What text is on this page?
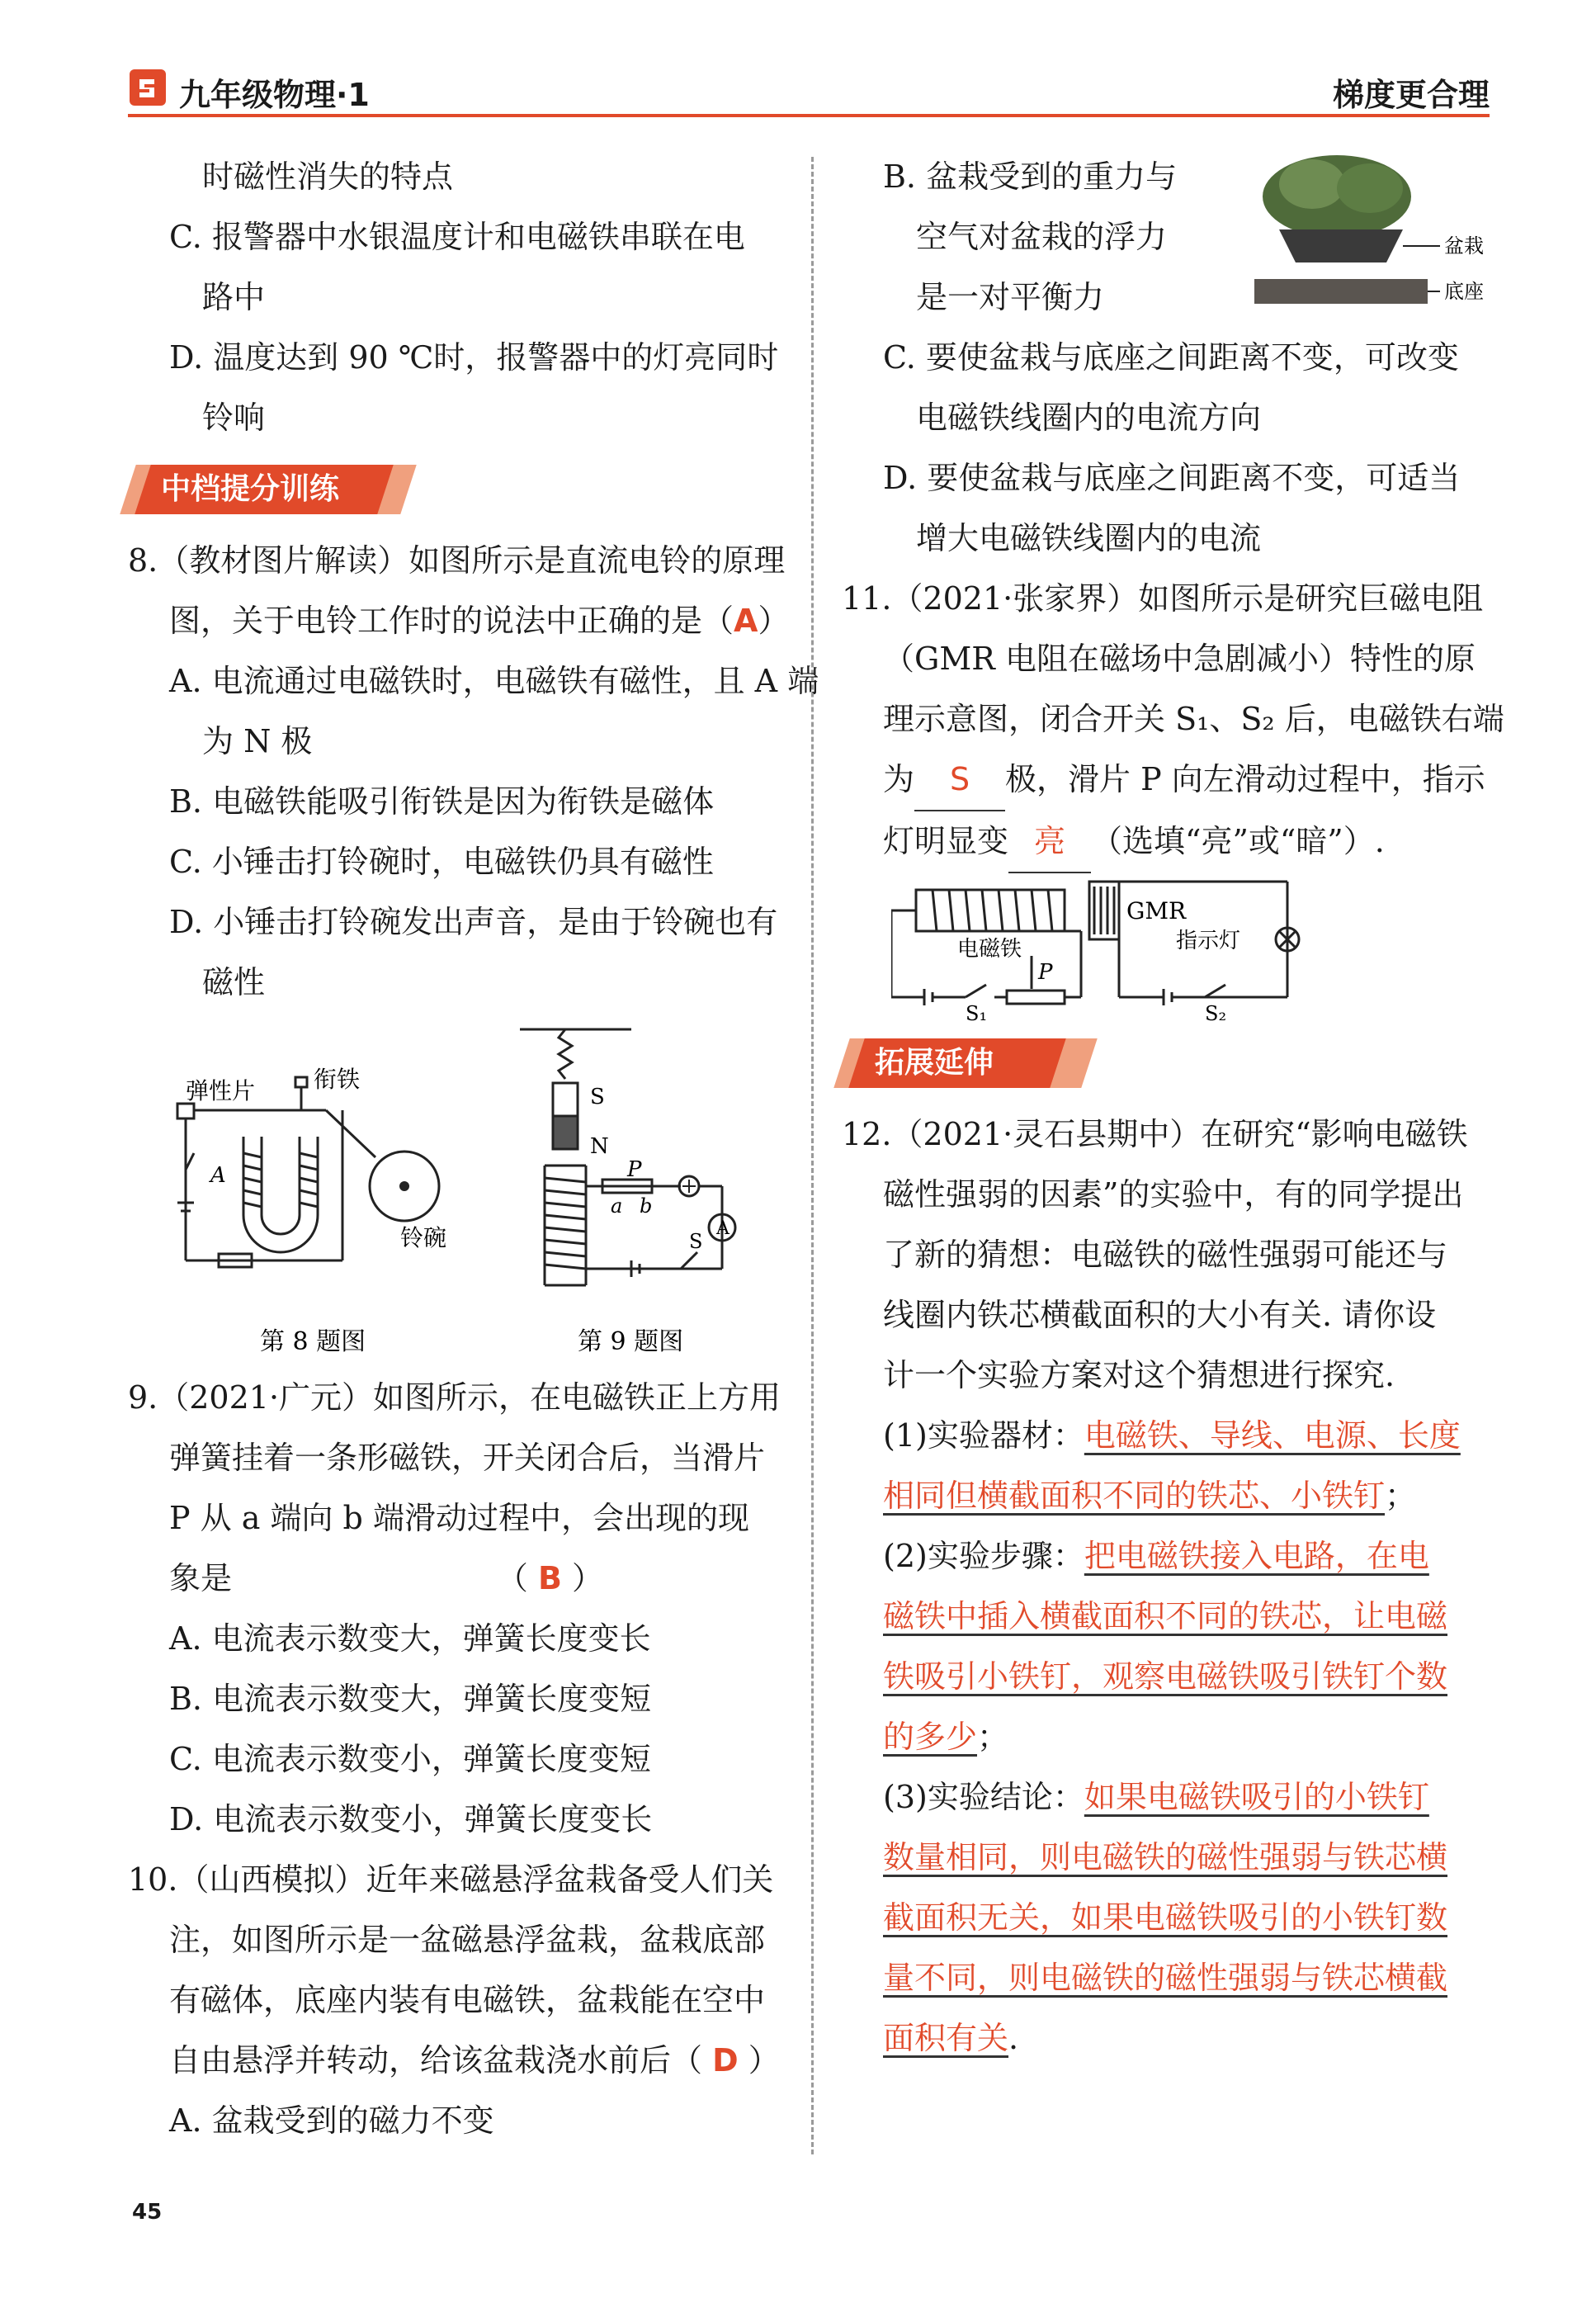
九年级物理·1	梯度更合理
时磁性消失的特点
C. 报警器中水银温度计和电磁铁串联在电
路中
D. 温度达到 90 ℃时，报警器中的灯亮同时
铃响
中档提分训练
8.（教材图片解读）如图所示是直流电铃的原理
图，关于电铃工作时的说法中正确的是（A）
A. 电流通过电磁铁时，电磁铁有磁性，且 A 端
为 N 极
B. 电磁铁能吸引衔铁是因为衔铁是磁体
C. 小锤击打铃碗时，电磁铁仍具有磁性
D. 小锤击打铃碗发出声音，是由于铃碗也有
磁性
弹性片	衔铁
A
铃碗
第 8 题图
S
N
P
a b
A
S
第 9 题图
9.（2021·广元）如图所示，在电磁铁正上方用
弹簧挂着一条形磁铁，开关闭合后，当滑片
P 从 a 端向 b 端滑动过程中，会出现的现
象是	（ B ）
A. 电流表示数变大，弹簧长度变长
B. 电流表示数变大，弹簧长度变短
C. 电流表示数变小，弹簧长度变短
D. 电流表示数变小，弹簧长度变长
10.（山西模拟）近年来磁悬浮盆栽备受人们关
注，如图所示是一盆磁悬浮盆栽，盆栽底部
有磁体，底座内装有电磁铁，盆栽能在空中
自由悬浮并转动，给该盆栽浇水前后（ D ）
A. 盆栽受到的磁力不变
B. 盆栽受到的重力与
空气对盆栽的浮力
是一对平衡力
盆栽
底座
C. 要使盆栽与底座之间距离不变，可改变
电磁铁线圈内的电流方向
D. 要使盆栽与底座之间距离不变，可适当
增大电磁铁线圈内的电流
11.（2021·张家界）如图所示是研究巨磁电阻
（GMR 电阻在磁场中急剧减小）特性的原
理示意图，闭合开关 S₁、S₂ 后，电磁铁右端
为 S 极，滑片 P 向左滑动过程中，指示
灯明显变 亮 （选填“亮”或“暗”）.
GMR
电磁铁	指示灯
P
S₁	S₂
拓展延伸
12.（2021·灵石县期中）在研究“影响电磁铁
磁性强弱的因素”的实验中，有的同学提出
了新的猜想：电磁铁的磁性强弱可能还与
线圈内铁芯横截面积的大小有关. 请你设
计一个实验方案对这个猜想进行探究.
(1)实验器材：电磁铁、导线、电源、长度
相同但横截面积不同的铁芯、小铁钉；
(2)实验步骤：把电磁铁接入电路，在电
磁铁中插入横截面积不同的铁芯，让电磁
铁吸引小铁钉，观察电磁铁吸引铁钉个数
的多少；
(3)实验结论：如果电磁铁吸引的小铁钉
数量相同，则电磁铁的磁性强弱与铁芯横
截面积无关，如果电磁铁吸引的小铁钉数
量不同，则电磁铁的磁性强弱与铁芯横截
面积有关.
45
